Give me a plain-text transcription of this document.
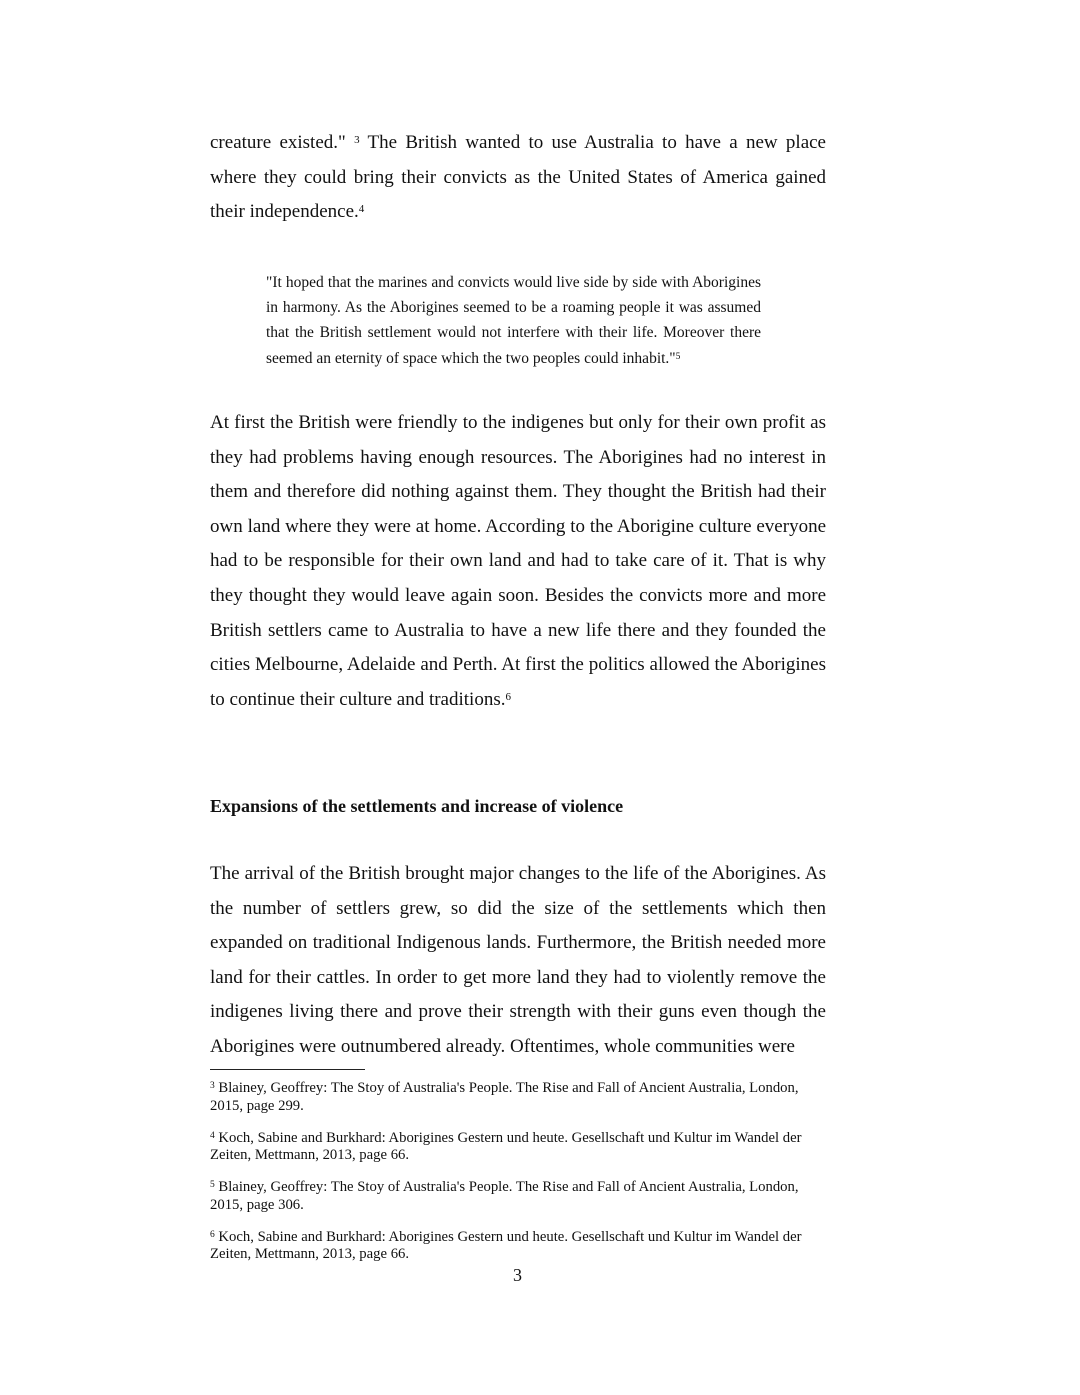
creature existed." $^3$ The British wanted to use Australia to have a new place where they could bring their convicts as the United States of America gained their independence.$^4$

"It hoped that the marines and convicts would live side by side with Aborigines in harmony. As the Aborigines seemed to be a roaming people it was assumed that the British settlement would not interfere with their life. Moreover there seemed an eternity of space which the two peoples could inhabit."$^5$

At first the British were friendly to the indigenes but only for their own profit as they had problems having enough resources. The Aborigines had no interest in them and therefore did nothing against them. They thought the British had their own land where they were at home. According to the Aborigine culture everyone had to be responsible for their own land and had to take care of it. That is why they thought they would leave again soon. Besides the convicts more and more British settlers came to Australia to have a new life there and they founded the cities Melbourne, Adelaide and Perth. At first the politics allowed the Aborigines to continue their culture and traditions.$^6$

Expansions of the settlements and increase of violence

The arrival of the British brought major changes to the life of the Aborigines. As the number of settlers grew, so did the size of the settlements which then expanded on traditional Indigenous lands. Furthermore, the British needed more land for their cattles. In order to get more land they had to violently remove the indigenes living there and prove their strength with their guns even though the Aborigines were outnumbered already. Oftentimes, whole communities were

$^3$ Blainey, Geoffrey: The Stoy of Australia's People. The Rise and Fall of Ancient Australia, London, 2015, page 299.

$^4$ Koch, Sabine and Burkhard: Aborigines Gestern und heute. Gesellschaft und Kultur im Wandel der Zeiten, Mettmann, 2013, page 66.

$^5$ Blainey, Geoffrey: The Stoy of Australia's People. The Rise and Fall of Ancient Australia, London, 2015, page 306.

$^6$ Koch, Sabine and Burkhard: Aborigines Gestern und heute. Gesellschaft und Kultur im Wandel der Zeiten, Mettmann, 2013, page 66.

3
